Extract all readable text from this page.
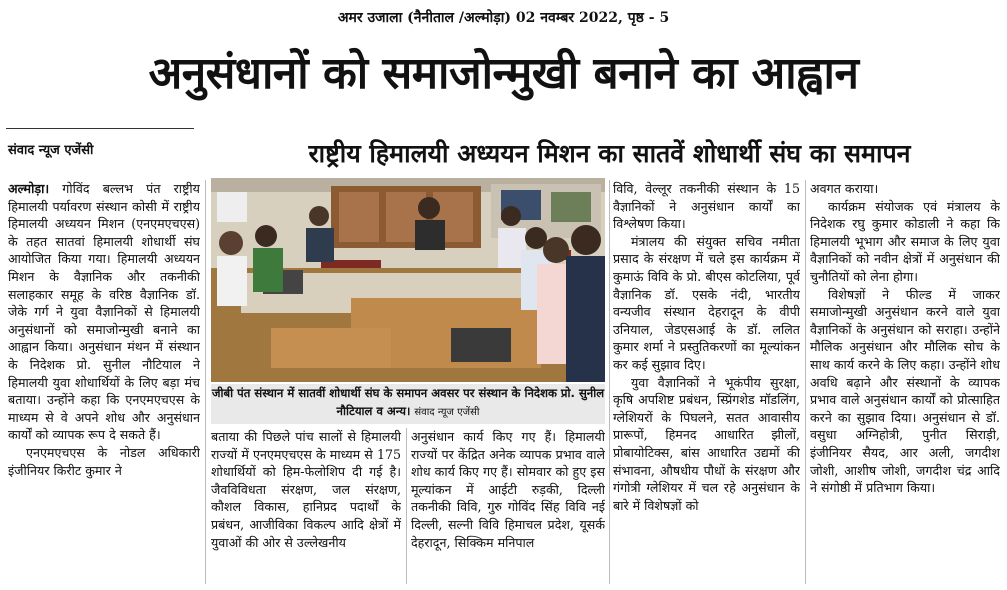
अमर उजाला (नैनीताल /अल्मोड़ा) 02 नवम्बर 2022, पृष्ठ - 5
अनुसंधानों को समाजोन्मुखी बनाने का आह्वान
संवाद न्यूज एजेंसी	राष्ट्रीय हिमालयी अध्ययन मिशन का सातवें शोधार्थी संघ का समापन

अल्मोड़ा। गोविंद बल्लभ पंत राष्ट्रीय हिमालयी पर्यावरण संस्थान कोसी में राष्ट्रीय हिमालयी अध्ययन मिशन (एनएमएचएस) के तहत सातवां हिमालयी शोधार्थी संघ आयोजित किया गया। हिमालयी अध्ययन मिशन के वैज्ञानिक और तकनीकी सलाहकार समूह के वरिष्ठ वैज्ञानिक डॉ. जेके गर्ग ने युवा वैज्ञानिकों से हिमालयी अनुसंधानों को समाजोन्मुखी बनाने का आह्वान किया। अनुसंधान मंथन में संस्थान के निदेशक प्रो. सुनील नौटियाल ने हिमालयी युवा शोधार्थियों के लिए बड़ा मंच बताया। उन्होंने कहा कि एनएमएचएस के माध्यम से वे अपने शोध और अनुसंधान कार्यों को व्यापक रूप दे सकते हैं।

एनएमएचएस के नोडल अधिकारी इंजीनियर किरीट कुमार ने

जीबी पंत संस्थान में सातवीं शोधार्थी संघ के समापन अवसर पर संस्थान के निदेशक प्रो. सुनील नौटियाल व अन्य। संवाद न्यूज एजेंसी

बताया की पिछले पांच सालों से हिमालयी राज्यों में एनएमएचएस के माध्यम से 175 शोधार्थियों को हिम-फेलोशिप दी गई है। जैवविविधता संरक्षण, जल संरक्षण, कौशल विकास, हानिप्रद पदार्थों के प्रबंधन, आजीविका विकल्प आदि क्षेत्रों में युवाओं की ओर से उल्लेखनीय

अनुसंधान कार्य किए गए हैं। हिमालयी राज्यों पर केंद्रित अनेक व्यापक प्रभाव वाले शोध कार्य किए गए हैं। सोमवार को हुए इस मूल्यांकन में आईटी रुड़की, दिल्ली तकनीकी विवि, गुरु गोविंद सिंह विवि नई दिल्ली, सल्नी विवि हिमाचल प्रदेश, यूसर्क देहरादून, सिक्किम मनिपाल

विवि, वेल्लूर तकनीकी संस्थान के 15 वैज्ञानिकों ने अनुसंधान कार्यों का विश्लेषण किया।

मंत्रालय की संयुक्त सचिव नमीता प्रसाद के संरक्षण में चले इस कार्यक्रम में कुमाऊं विवि के प्रो. बीएस कोटलिया, पूर्व वैज्ञानिक डॉ. एसके नंदी, भारतीय वन्यजीव संस्थान देहरादून के वीपी उनियाल, जेडएसआई के डॉ. ललित कुमार शर्मा ने प्रस्तुतिकरणों का मूल्यांकन कर कई सुझाव दिए।

युवा वैज्ञानिकों ने भूकंपीय सुरक्षा, कृषि अपशिष्ट प्रबंधन, स्प्रिंगशेड मॉडलिंग, ग्लेशियरों के पिघलने, सतत आवासीय प्रारूपों, हिमनद आधारित झीलों, प्रोबायोटिक्स, बांस आधारित उद्यमों की संभावना, औषधीय पौधों के संरक्षण और गंगोत्री ग्लेशियर में चल रहे अनुसंधान के बारे में विशेषज्ञों को

अवगत कराया।

कार्यक्रम संयोजक एवं मंत्रालय के निदेशक रघु कुमार कोडाली ने कहा कि हिमालयी भूभाग और समाज के लिए युवा वैज्ञानिकों को नवीन क्षेत्रों में अनुसंधान की चुनौतियों को लेना होगा।

विशेषज्ञों ने फील्ड में जाकर समाजोन्मुखी अनुसंधान करने वाले युवा वैज्ञानिकों के अनुसंधान को सराहा। उन्होंने मौलिक अनुसंधान और मौलिक सोच के साथ कार्य करने के लिए कहा। उन्होंने शोध अवधि बढ़ाने और संस्थानों के व्यापक प्रभाव वाले अनुसंधान कार्यों को प्रोत्साहित करने का सुझाव दिया। अनुसंधान से डॉ. वसुधा अग्निहोत्री, पुनीत सिराड़ी, इंजीनियर सैयद, आर अली, जगदीश जोशी, आशीष जोशी, जगदीश चंद्र आदि ने संगोष्ठी में प्रतिभाग किया।
